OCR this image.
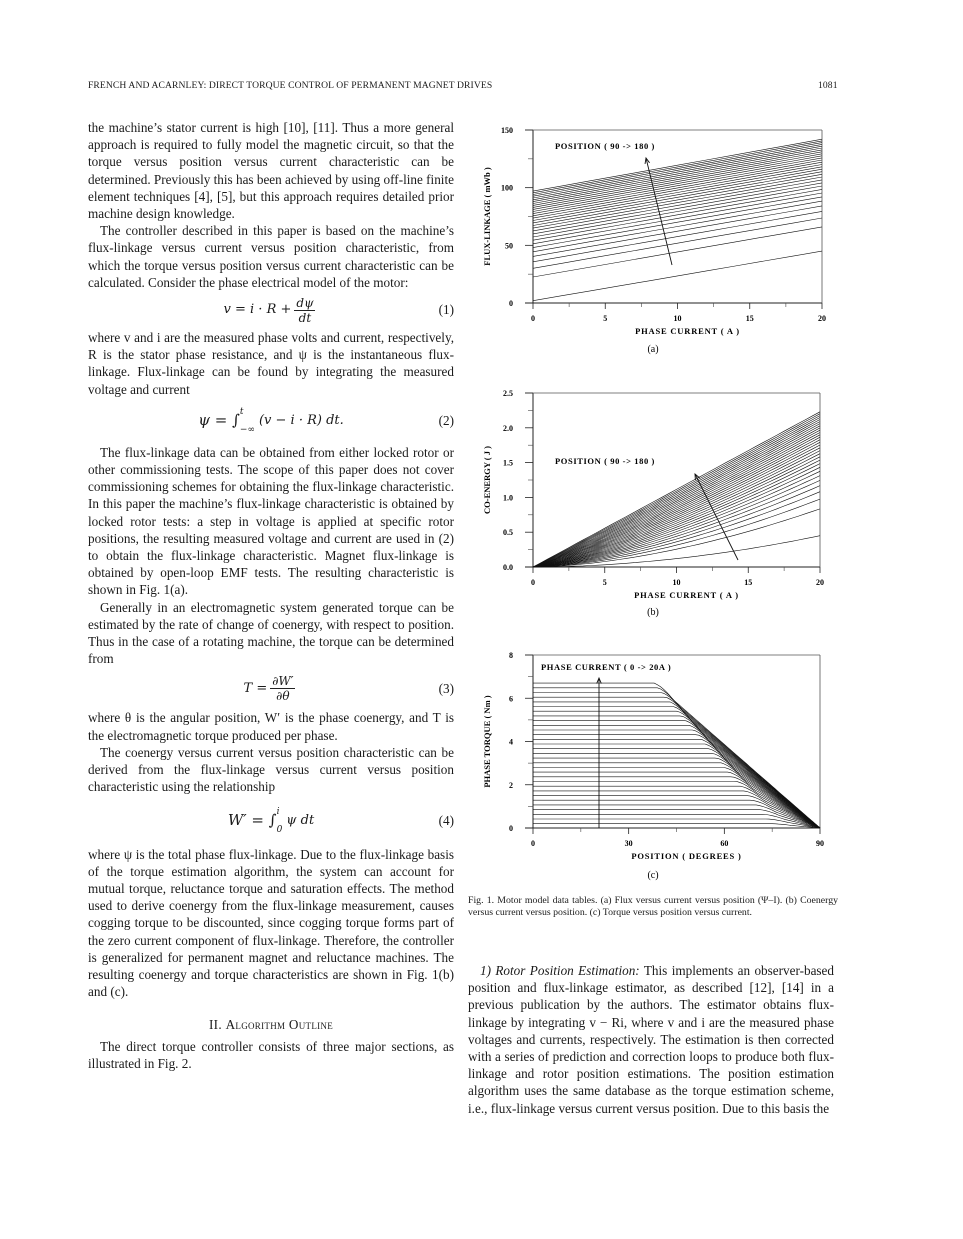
FRENCH AND ACARNLEY: DIRECT TORQUE CONTROL OF PERMANENT MAGNET DRIVES	1081

the machine’s stator current is high [10], [11]. Thus a more general approach is required to fully model the magnetic circuit, so that the torque versus position versus current characteristic can be determined. Previously this has been achieved by using off-line finite element techniques [4], [5], but this approach requires detailed prior machine design knowledge.

The controller described in this paper is based on the machine’s flux-linkage versus current versus position characteristic, from which the torque versus position versus current characteristic can be calculated. Consider the phase electrical model of the motor:

$v = i \cdot R + \frac{d\psi}{dt}$	(1)

where v and i are the measured phase volts and current, respectively, R is the stator phase resistance, and ψ is the instantaneous flux-linkage. Flux-linkage can be found by integrating the measured voltage and current

ψ = ∫ t
−∞
(v − i · R) dt.	(2)

The flux-linkage data can be obtained from either locked rotor or other commissioning tests. The scope of this paper does not cover commissioning schemes for obtaining the flux-linkage characteristic. In this paper the machine’s flux-linkage characteristic is obtained by locked rotor tests: a step in voltage is applied at specific rotor positions, the resulting measured voltage and current are used in (2) to obtain the flux-linkage characteristic. Magnet flux-linkage is obtained by open-loop EMF tests. The resulting characteristic is shown in Fig. 1(a).

Generally in an electromagnetic system generated torque can be estimated by the rate of change of coenergy, with respect to position. Thus in the case of a rotating machine, the torque can be determined from

$T = \frac{\partial W'}{\partial\theta}$	(3)

where θ is the angular position, W′ is the phase coenergy, and T is the electromagnetic torque produced per phase.

The coenergy versus current versus position characteristic can be derived from the flux-linkage versus current versus position characteristic using the relationship

W′ = ∫ i
0
ψ dt	(4)

where ψ is the total phase flux-linkage. Due to the flux-linkage basis of the torque estimation algorithm, the system can account for mutual torque, reluctance torque and saturation effects. The method used to derive coenergy from the flux-linkage measurement, causes cogging torque to be discounted, since cogging torque forms part of the zero current component of flux-linkage. Therefore, the controller is generalized for permanent magnet and reluctance machines. The resulting coenergy and torque characteristics are shown in Fig. 1(b) and (c).

II. Algorithm Outline

The direct torque controller consists of three major sections, as illustrated in Fig. 2.

0
50
100
150
0	5	10	15	20
PHASE CURRENT ( A )
FLUX-LINKAGE ( mWb )
(a)
POSITION ( 90 -> 180 )
0.0
0.5
1.0
1.5
2.0
2.5
0	5	10	15	20
PHASE CURRENT ( A )
CO-ENERGY ( J )
(b)
POSITION ( 90 -> 180 )
0
2
4
6
8
0	30	60	90
POSITION ( DEGREES )
PHASE TORQUE ( Nm )
(c)
PHASE CURRENT ( 0 -> 20A )
Fig. 1. Motor model data tables. (a) Flux versus current versus position (Ψ–I). (b) Coenergy versus current versus position. (c) Torque versus position versus current.

1) Rotor Position Estimation: This implements an observer-based position and flux-linkage estimator, as described [12], [14] in a previous publication by the authors. The estimator obtains flux-linkage by integrating v − Ri, where v and i are the measured phase voltages and currents, respectively. The estimation is then corrected with a series of prediction and correction loops to produce both flux-linkage and rotor position estimations. The position estimation algorithm uses the same database as the torque estimation scheme, i.e., flux-linkage versus current versus position. Due to this basis the
